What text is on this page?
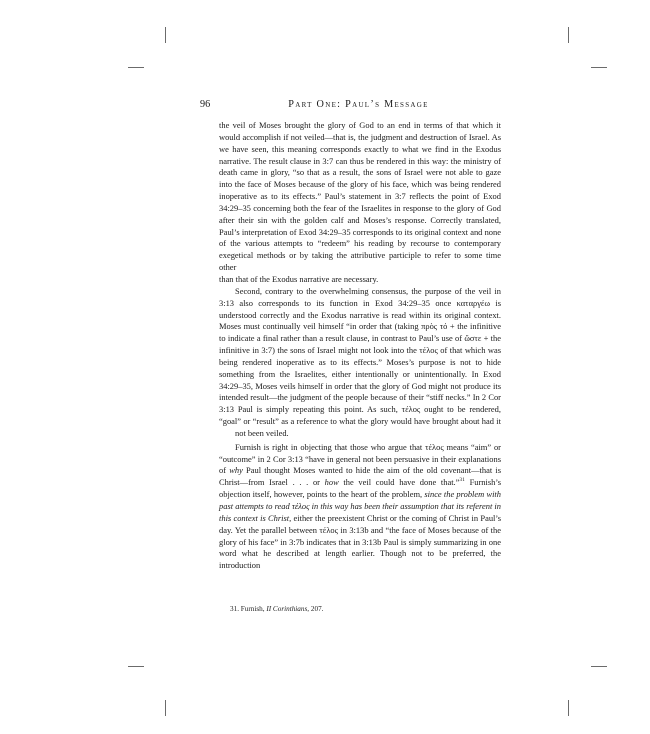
96	Part One: Paul’s Message

the veil of Moses brought the glory of God to an end in terms of that which it would accomplish if not veiled—that is, the judgment and destruction of Israel. As we have seen, this meaning corresponds exactly to what we find in the Exodus narrative. The result clause in 3:7 can thus be rendered in this way: the ministry of death came in glory, “so that as a result, the sons of Israel were not able to gaze into the face of Moses because of the glory of his face, which was being rendered inoperative as to its effects.” Paul’s statement in 3:7 reflects the point of Exod 34:29–35 concerning both the fear of the Israelites in response to the glory of God after their sin with the golden calf and Moses’s response. Correctly translated, Paul’s interpretation of Exod 34:29–35 corresponds to its original context and none of the various attempts to “redeem” his reading by recourse to contemporary exegetical methods or by taking the attributive participle to refer to some time other
than that of the Exodus narrative are necessary.

Second, contrary to the overwhelming consensus, the purpose of the veil in 3:13 also corresponds to its function in Exod 34:29–35 once καταργέω is understood correctly and the Exodus narrative is read within its original context. Moses must continually veil himself “in order that (taking πρὸς τό + the infinitive to indicate a final rather than a result clause, in contrast to Paul’s use of ὥστε + the infinitive in 3:7) the sons of Israel might not look into the τέλος of that which was being rendered inoperative as to its effects.” Moses’s purpose is not to hide something from the Israelites, either intentionally or unintentionally. In Exod 34:29–35, Moses veils himself in order that the glory of God might not produce its intended result—the judgment of the people because of their “stiff necks.” In 2 Cor 3:13 Paul is simply repeating this point. As such, τέλος ought to be rendered, “goal” or “result” as a reference to what the glory would have brought about had it
not been veiled.

Furnish is right in objecting that those who argue that τέλος means “aim” or “outcome” in 2 Cor 3:13 “have in general not been persuasive in their explanations of why Paul thought Moses wanted to hide the aim of the old covenant—that is Christ—from Israel . . . or how the veil could have done that.”$^{31}$ Furnish’s objection itself, however, points to the heart of the problem, since the problem with past attempts to read τέλος in this way has been their assumption that its referent in this context is Christ, either the preexistent Christ or the coming of Christ in Paul’s day. Yet the parallel between τέλος in 3:13b and “the face of Moses because of the glory of his face” in 3:7b indicates that in 3:13b Paul is simply summarizing in one word what he described at length earlier. Though not to be preferred, the introduction

31. Furnish, II Corinthians, 207.
